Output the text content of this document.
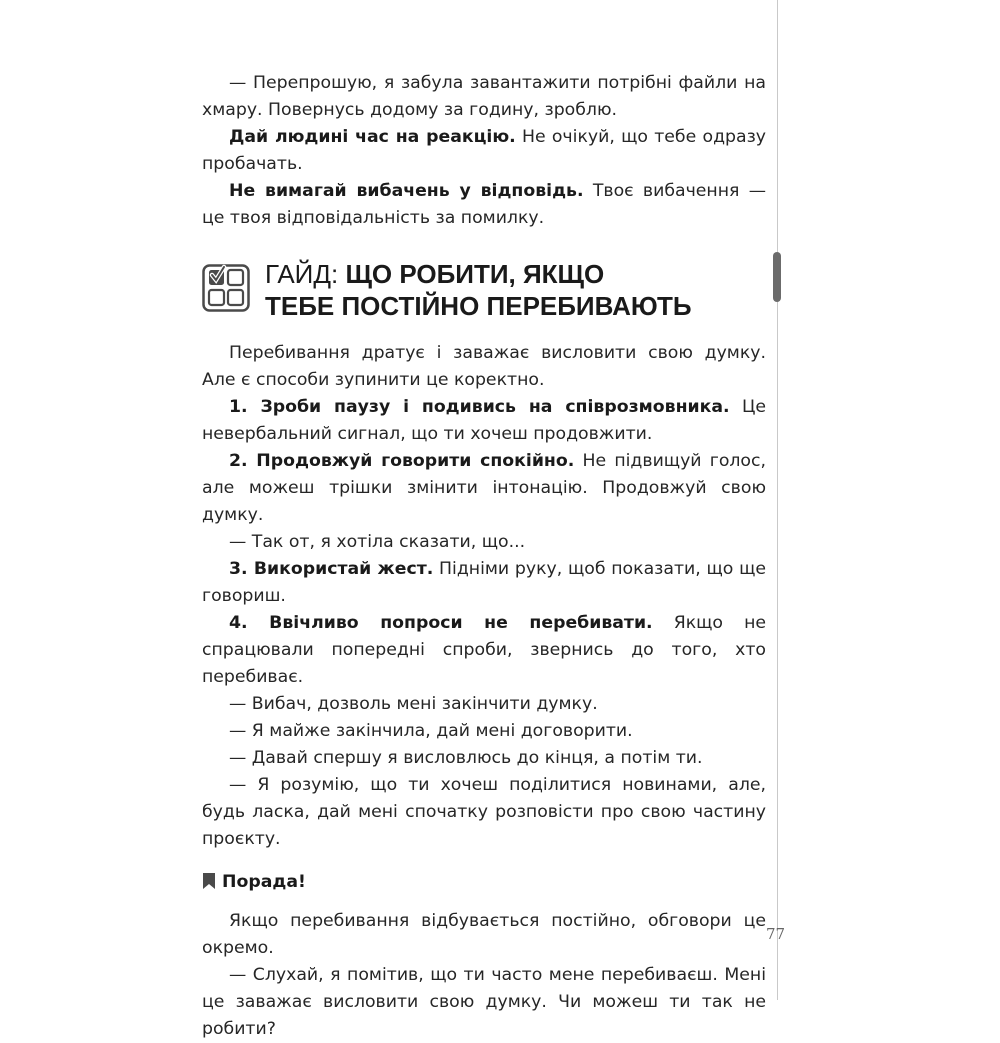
— Перепрошую, я забула завантажити потрібні файли на хмару. Повернусь додому за годину, зроблю.

Дай людині час на реакцію. Не очікуй, що тебе одразу пробачать.

Не вимагай вибачень у відповідь. Твоє вибачення — це твоя відповідальність за помилку.

ГАЙД: ЩО РОБИТИ, ЯКЩО
ТЕБЕ ПОСТІЙНО ПЕРЕБИВАЮТЬ

Перебивання дратує і заважає висловити свою думку. Але є способи зупинити це коректно.

1. Зроби паузу і подивись на співрозмовника. Це невербальний сигнал, що ти хочеш продовжити.

2. Продовжуй говорити спокійно. Не підвищуй голос, але можеш трішки змінити інтонацію. Продовжуй свою думку.

— Так от, я хотіла сказати, що...

3. Використай жест. Підніми руку, щоб показати, що ще говориш.

4. Ввічливо попроси не перебивати. Якщо не спрацювали попередні спроби, звернись до того, хто перебиває.

— Вибач, дозволь мені закінчити думку.

— Я майже закінчила, дай мені договорити.

— Давай спершу я висловлюсь до кінця, а потім ти.

— Я розумію, що ти хочеш поділитися новинами, але, будь ласка, дай мені спочатку розповісти про свою частину проєкту.

Порада!

Якщо перебивання відбувається постійно, обговори це окремо.

— Слухай, я помітив, що ти часто мене перебиваєш. Мені це заважає висловити свою думку. Чи можеш ти так не робити?

77
